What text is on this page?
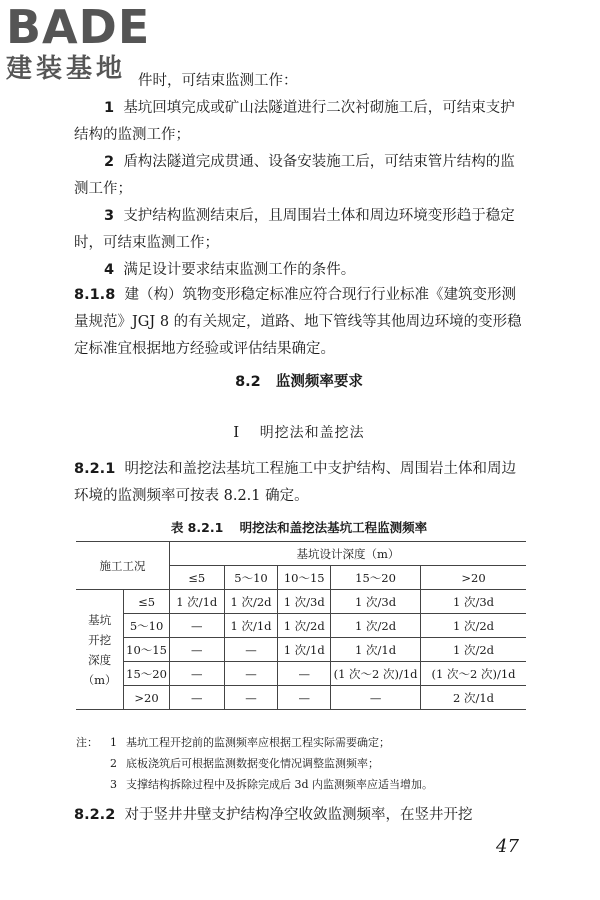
BADE
建装基地 件时，可结束监测工作：
1 基坑回填完成或矿山法隧道进行二次衬砌施工后，可结束支护结构的监测工作；
2 盾构法隧道完成贯通、设备安装施工后，可结束管片结构的监测工作；
3 支护结构监测结束后，且周围岩土体和周边环境变形趋于稳定时，可结束监测工作；
4 满足设计要求结束监测工作的条件。
8.1.8 建（构）筑物变形稳定标准应符合现行行业标准《建筑变形测量规范》JGJ 8 的有关规定，道路、地下管线等其他周边环境的变形稳定标准宜根据地方经验或评估结果确定。
8.2 监测频率要求
I 明挖法和盖挖法
8.2.1 明挖法和盖挖法基坑工程施工中支护结构、周围岩土体和周边环境的监测频率可按表 8.2.1 确定。
表 8.2.1 明挖法和盖挖法基坑工程监测频率
施工工况		基坑设计深度（m）				
		≤5	5～10	10～15	15～20	>20

基坑
开挖
深度
（m）	≤5	1 次/1d	1 次/2d	1 次/3d	1 次/3d	1 次/3d
	5～10	—	1 次/1d	1 次/2d	1 次/2d	1 次/2d
	10～15	—	—	1 次/1d	1 次/1d	1 次/2d
	15～20	—	—	—	(1 次～2 次)/1d	(1 次～2 次)/1d
	>20	—	—	—	—	2 次/1d
注：	1 基坑工程开挖前的监测频率应根据工程实际需要确定；
2 底板浇筑后可根据监测数据变化情况调整监测频率；
3 支撑结构拆除过程中及拆除完成后 3d 内监测频率应适当增加。
8.2.2 对于竖井井壁支护结构净空收敛监测频率，在竖井开挖
47
